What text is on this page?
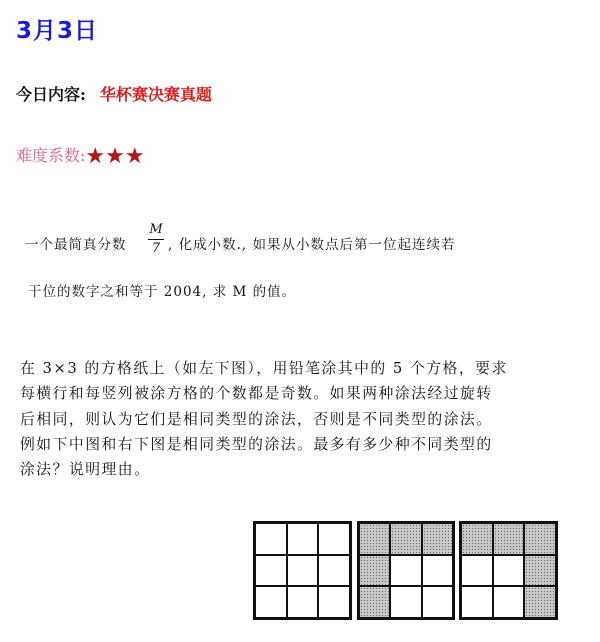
3月3日
今日内容: 华杯赛决赛真题
难度系数:★★★
一个最简真分数
M
7 , 化成小数., 如果从小数点后第一位起连续若
干位的数字之和等于 2004, 求 M 的值。
在 3×3 的方格纸上（如左下图），用铅笔涂其中的 5 个方格，要求
每横行和每竖列被涂方格的个数都是奇数。如果两种涂法经过旋转
后相同，则认为它们是相同类型的涂法，否则是不同类型的涂法。
例如下中图和右下图是相同类型的涂法。最多有多少种不同类型的
涂法？说明理由。
